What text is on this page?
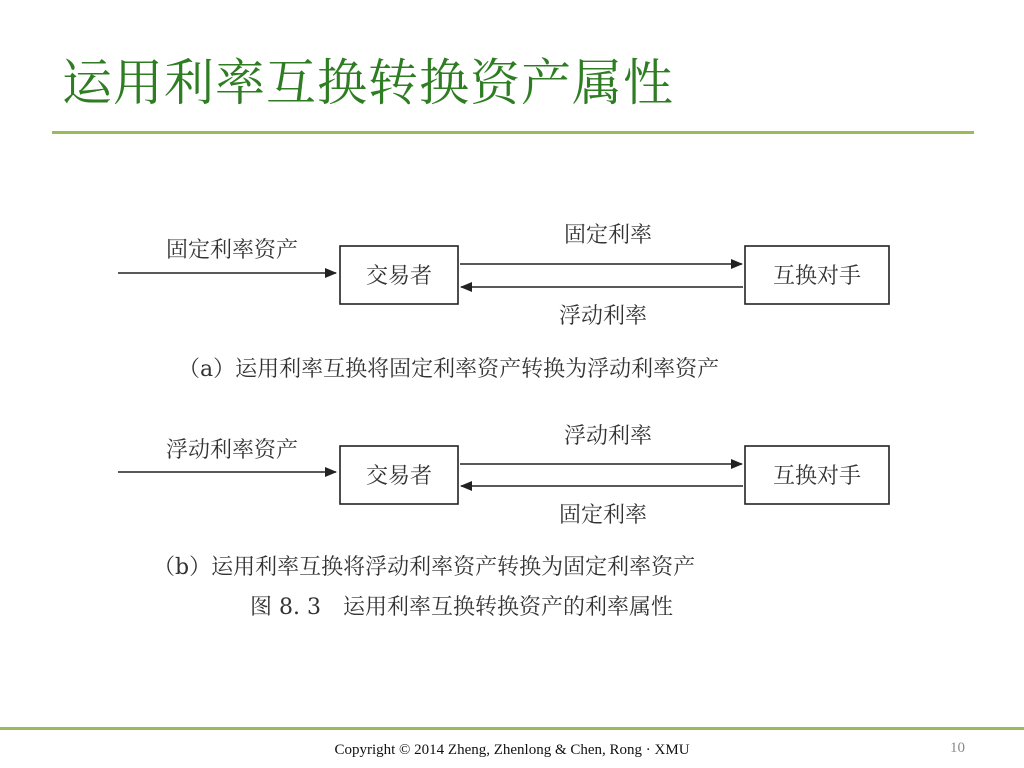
运用利率互换转换资产属性
固定利率资产
交易者	互换对手
固定利率
浮动利率
（a）运用利率互换将固定利率资产转换为浮动利率资产
浮动利率资产
交易者	互换对手
浮动利率
固定利率
（b）运用利率互换将浮动利率资产转换为固定利率资产
图 8. 3　运用利率互换转换资产的利率属性
Copyright © 2014 Zheng, Zhenlong & Chen, Rong · XMU	10
